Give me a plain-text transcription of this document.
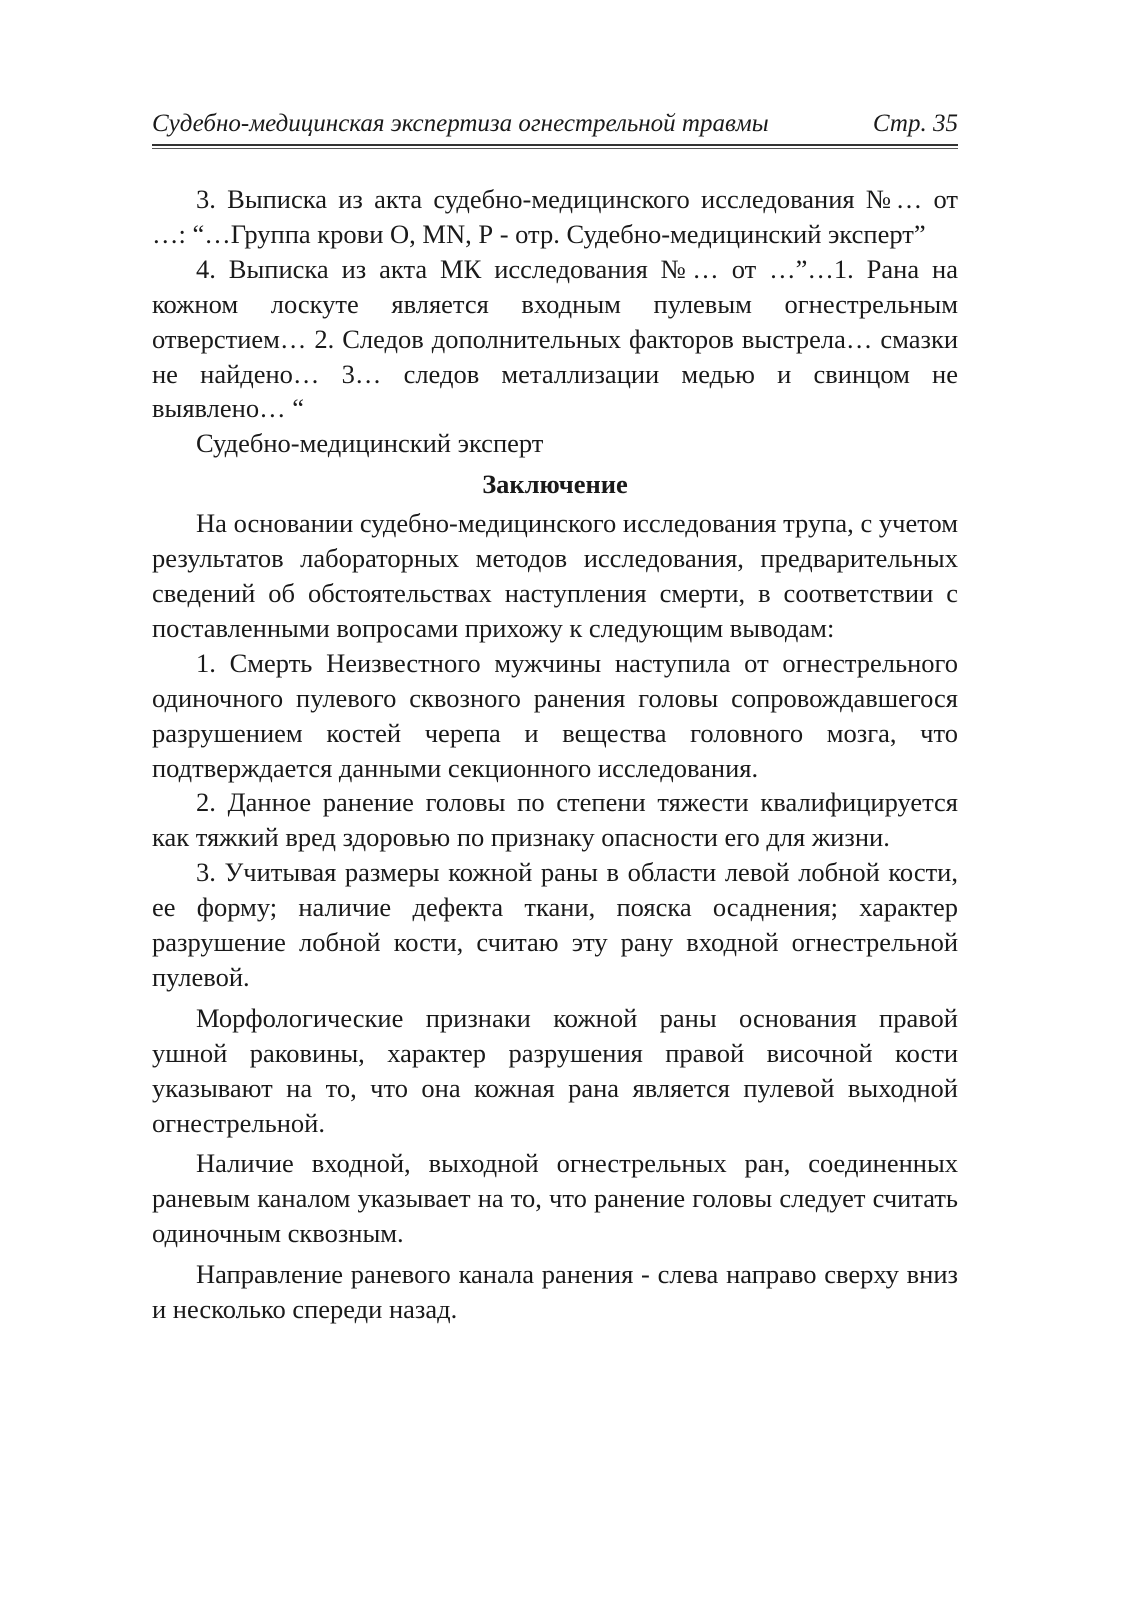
Судебно-медицинская экспертиза огнестрельной травмы	Стр. 35

3. Выписка из акта судебно-медицинского исследования №… от …: “…Группа крови О, MN, Р - отр. Судебно-медицинский эксперт”

4. Выписка из акта МК исследования №… от …”…1. Рана на кожном лоскуте является входным пулевым огнестрельным отверстием… 2. Следов дополнительных факторов выстрела… смазки не найдено… 3… следов металлизации медью и свинцом не выявлено… “

Судебно-медицинский эксперт

Заключение

На основании судебно-медицинского исследования трупа, с учетом результатов лабораторных методов исследования, предварительных сведений об обстоятельствах наступления смерти, в соответствии с поставленными вопросами прихожу к следующим выводам:

1. Смерть Неизвестного мужчины наступила от огнестрельного одиночного пулевого сквозного ранения головы сопровождавшегося разрушением костей черепа и вещества головного мозга, что подтверждается данными секционного исследования.

2. Данное ранение головы по степени тяжести квалифицируется как тяжкий вред здоровью по признаку опасности его для жизни.

3. Учитывая размеры кожной раны в области левой лобной кости, ее форму; наличие дефекта ткани, пояска осаднения; характер разрушение лобной кости, считаю эту рану входной огнестрельной пулевой.

Морфологические признаки кожной раны основания правой ушной раковины, характер разрушения правой височной кости указывают на то, что она кожная рана является пулевой выходной огнестрельной.

Наличие входной, выходной огнестрельных ран, соединенных раневым каналом указывает на то, что ранение головы следует считать одиночным сквозным.

Направление раневого канала ранения - слева направо сверху вниз и несколько спереди назад.
